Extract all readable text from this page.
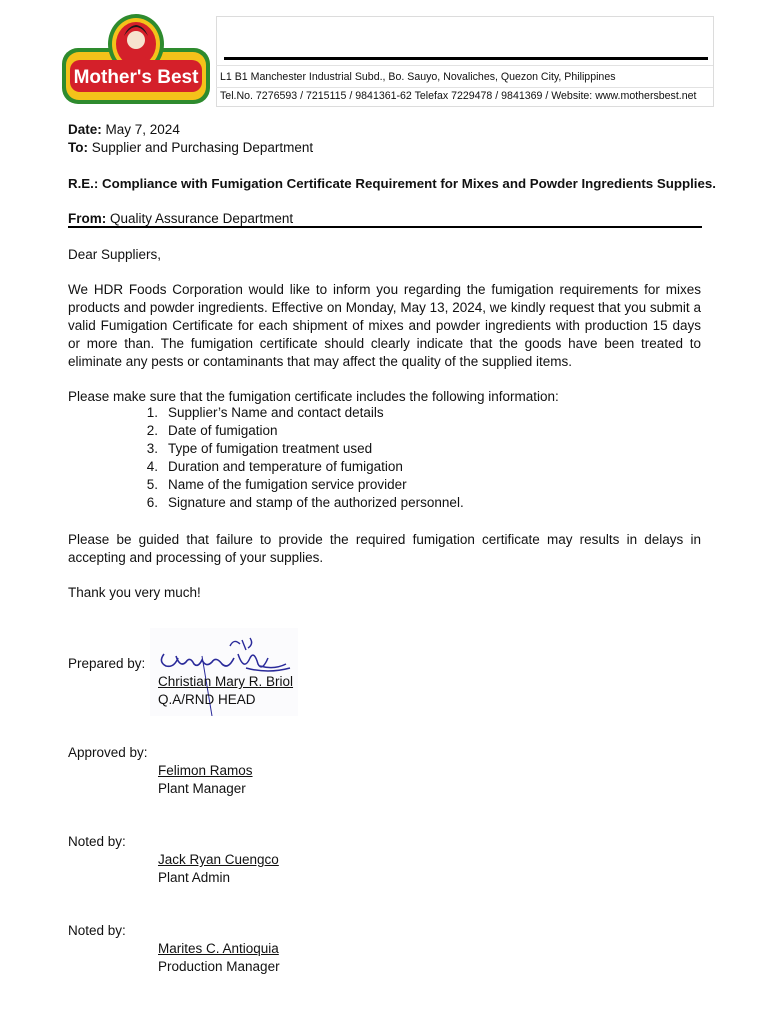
Mother's Best L1 B1 Manchester Industrial Subd., Bo. Sauyo, Novaliches, Quezon City, Philippines
Tel.No. 7276593 / 7215115 / 9841361-62 Telefax 7229478 / 9841369 / Website: www.mothersbest.net
Date: May 7, 2024
To: Supplier and Purchasing Department
R.E.: Compliance with Fumigation Certificate Requirement for Mixes and Powder Ingredients Supplies.
From: Quality Assurance Department
Dear Suppliers,
We HDR Foods Corporation would like to inform you regarding the fumigation requirements for mixes products and powder ingredients. Effective on Monday, May 13, 2024, we kindly request that you submit a valid Fumigation Certificate for each shipment of mixes and powder ingredients with production 15 days or more than. The fumigation certificate should clearly indicate that the goods have been treated to eliminate any pests or contaminants that may affect the quality of the supplied items.
Please make sure that the fumigation certificate includes the following information:
1. Supplier’s Name and contact details
2. Date of fumigation
3. Type of fumigation treatment used
4. Duration and temperature of fumigation
5. Name of the fumigation service provider
6. Signature and stamp of the authorized personnel.
Please be guided that failure to provide the required fumigation certificate may results in delays in accepting and processing of your supplies.
Thank you very much!
Prepared by:
Christian Mary R. Briol
Q.A/RND HEAD
Approved by:
Felimon Ramos
Plant Manager
Noted by:
Jack Ryan Cuengco
Plant Admin
Noted by:
Marites C. Antioquia
Production Manager
